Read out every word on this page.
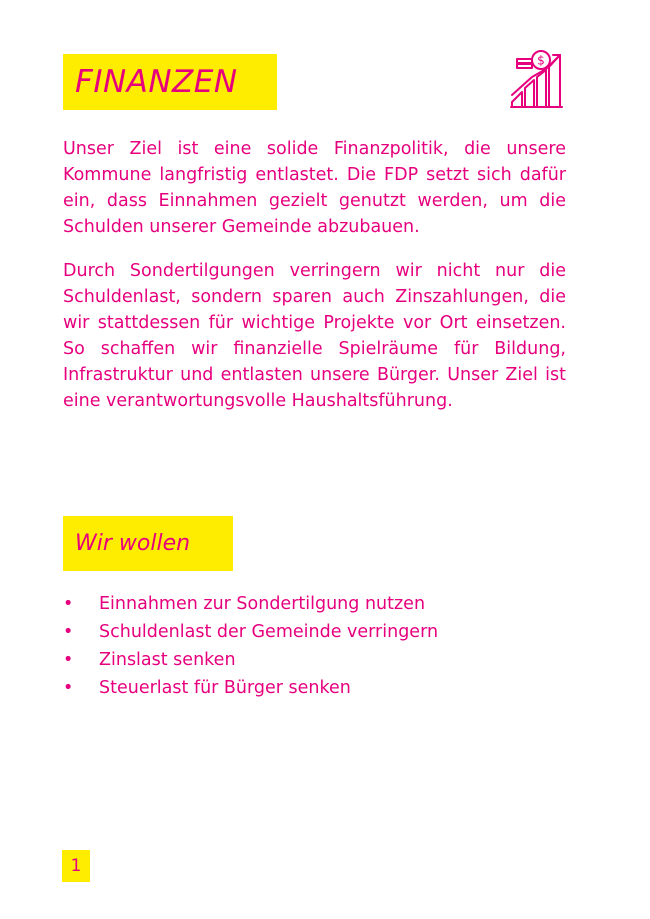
FINANZEN
$

Unser Ziel ist eine solide Finanzpolitik, die unsere Kommune langfristig entlastet. Die FDP setzt sich dafür ein, dass Einnahmen gezielt genutzt werden, um die Schulden unserer Gemeinde abzubauen.

Durch Sondertilgungen verringern wir nicht nur die Schuldenlast, sondern sparen auch Zinszahlungen, die wir stattdessen für wichtige Projekte vor Ort einsetzen. So schaffen wir finanzielle Spielräume für Bildung, Infrastruktur und entlasten unsere Bürger. Unser Ziel ist eine verantwortungsvolle Haushaltsführung.

Wir wollen
• Einnahmen zur Sondertilgung nutzen
• Schuldenlast der Gemeinde verringern
• Zinslast senken
• Steuerlast für Bürger senken
1
